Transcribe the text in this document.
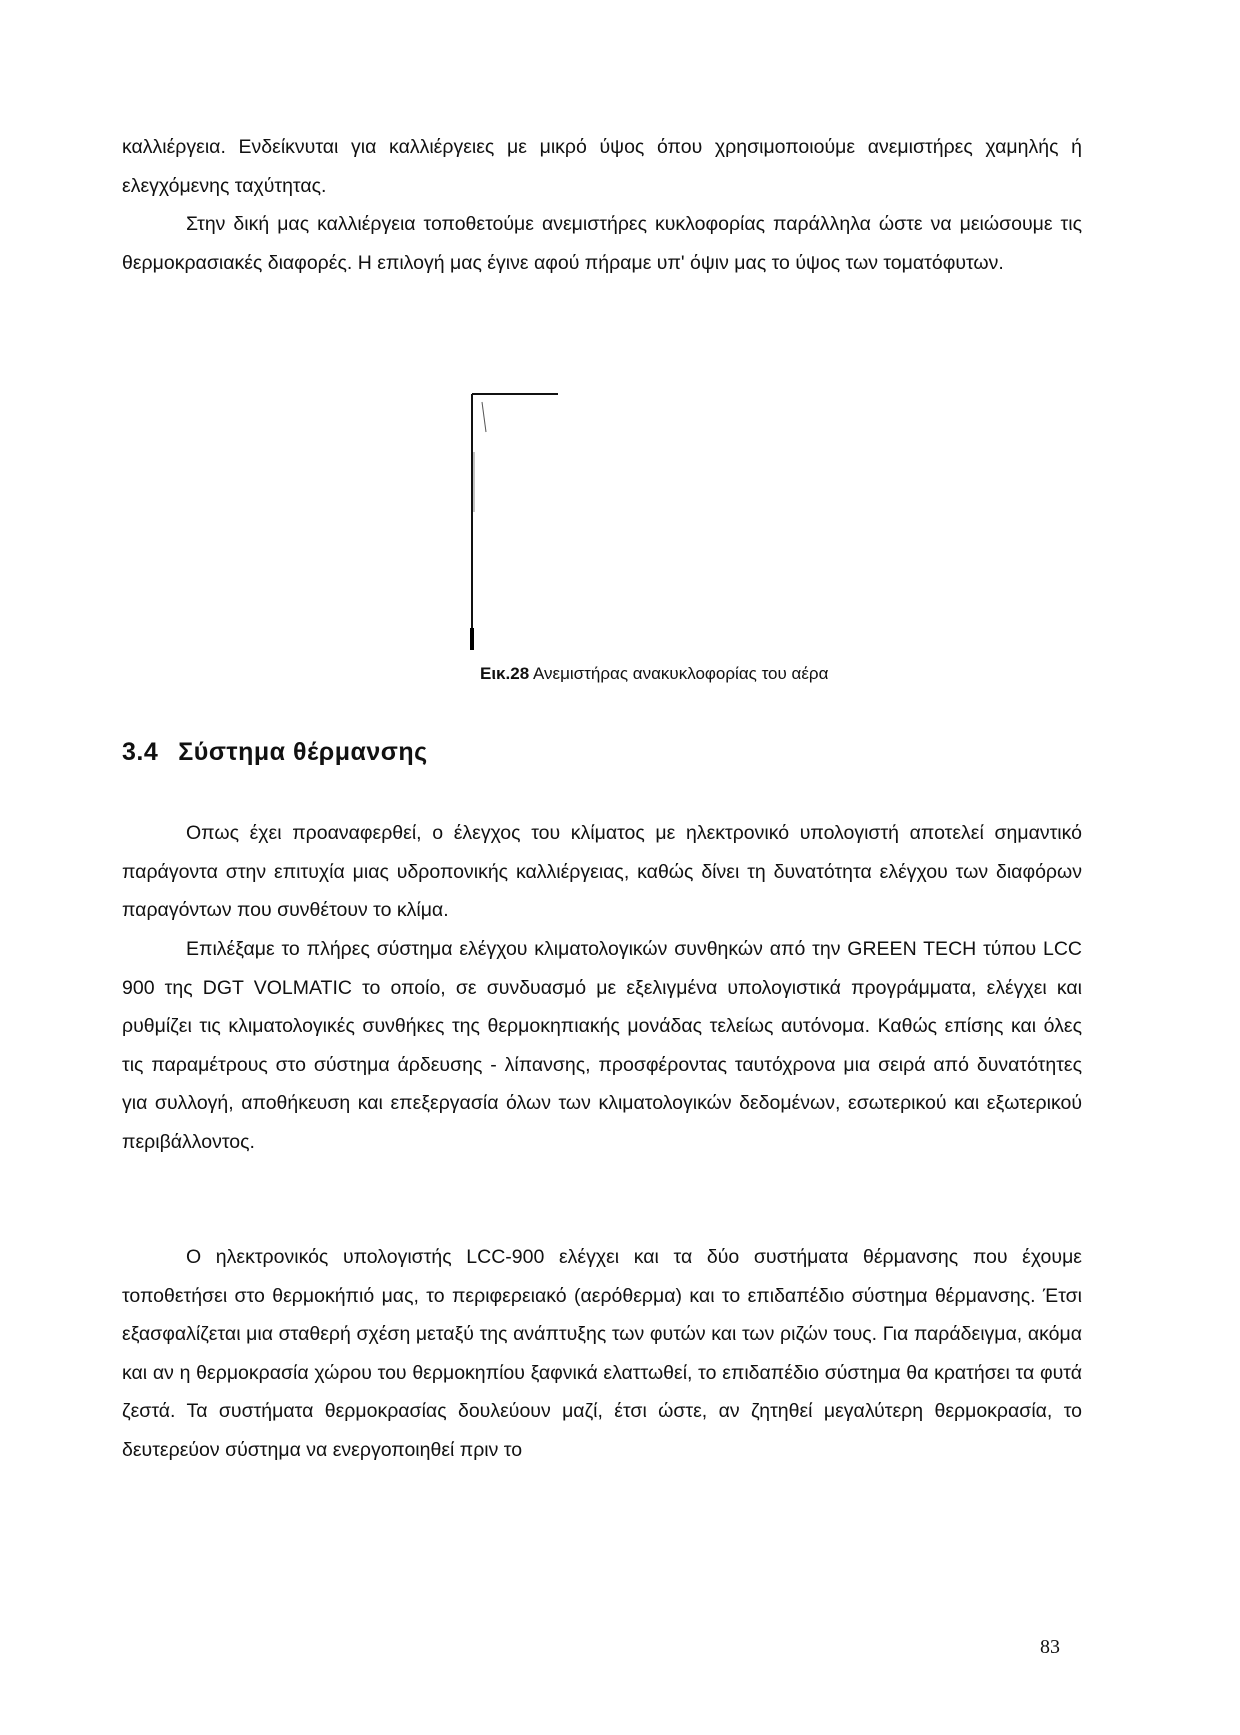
καλλιέργεια. Ενδείκνυται για καλλιέργειες με μικρό ύψος όπου χρησιμοποιούμε ανεμιστήρες χαμηλής ή ελεγχόμενης ταχύτητας.

Στην δική μας καλλιέργεια τοποθετούμε ανεμιστήρες κυκλοφορίας παράλληλα ώστε να μειώσουμε τις θερμοκρασιακές διαφορές. Η επιλογή μας έγινε αφού πήραμε υπ' όψιν μας το ύψος των τοματόφυτων.

Εικ.28 Ανεμιστήρας ανακυκλοφορίας του αέρα

3.4 Σύστημα θέρμανσης

Οπως έχει προαναφερθεί, ο έλεγχος του κλίματος με ηλεκτρονικό υπολογιστή αποτελεί σημαντικό παράγοντα στην επιτυχία μιας υδροπονικής καλλιέργειας, καθώς δίνει τη δυνατότητα ελέγχου των διαφόρων παραγόντων που συνθέτουν το κλίμα.

Επιλέξαμε το πλήρες σύστημα ελέγχου κλιματολογικών συνθηκών από την GREEN TECH τύπου LCC 900 της DGT VOLMATIC το οποίο, σε συνδυασμό με εξελιγμένα υπολογιστικά προγράμματα, ελέγχει και ρυθμίζει τις κλιματολογικές συνθήκες της θερμοκηπιακής μονάδας τελείως αυτόνομα. Καθώς επίσης και όλες τις παραμέτρους στο σύστημα άρδευσης - λίπανσης, προσφέροντας ταυτόχρονα μια σειρά από δυνατότητες για συλλογή, αποθήκευση και επεξεργασία όλων των κλιματολογικών δεδομένων, εσωτερικού και εξωτερικού περιβάλλοντος.

Ο ηλεκτρονικός υπολογιστής LCC-900 ελέγχει και τα δύο συστήματα θέρμανσης που έχουμε τοποθετήσει στο θερμοκήπιό μας, το περιφερειακό (αερόθερμα) και το επιδαπέδιο σύστημα θέρμανσης. Έτσι εξασφαλίζεται μια σταθερή σχέση μεταξύ της ανάπτυξης των φυτών και των ριζών τους. Για παράδειγμα, ακόμα και αν η θερμοκρασία χώρου του θερμοκηπίου ξαφνικά ελαττωθεί, το επιδαπέδιο σύστημα θα κρατήσει τα φυτά ζεστά. Τα συστήματα θερμοκρασίας δουλεύουν μαζί, έτσι ώστε, αν ζητηθεί μεγαλύτερη θερμοκρασία, το δευτερεύον σύστημα να ενεργοποιηθεί πριν το

83
